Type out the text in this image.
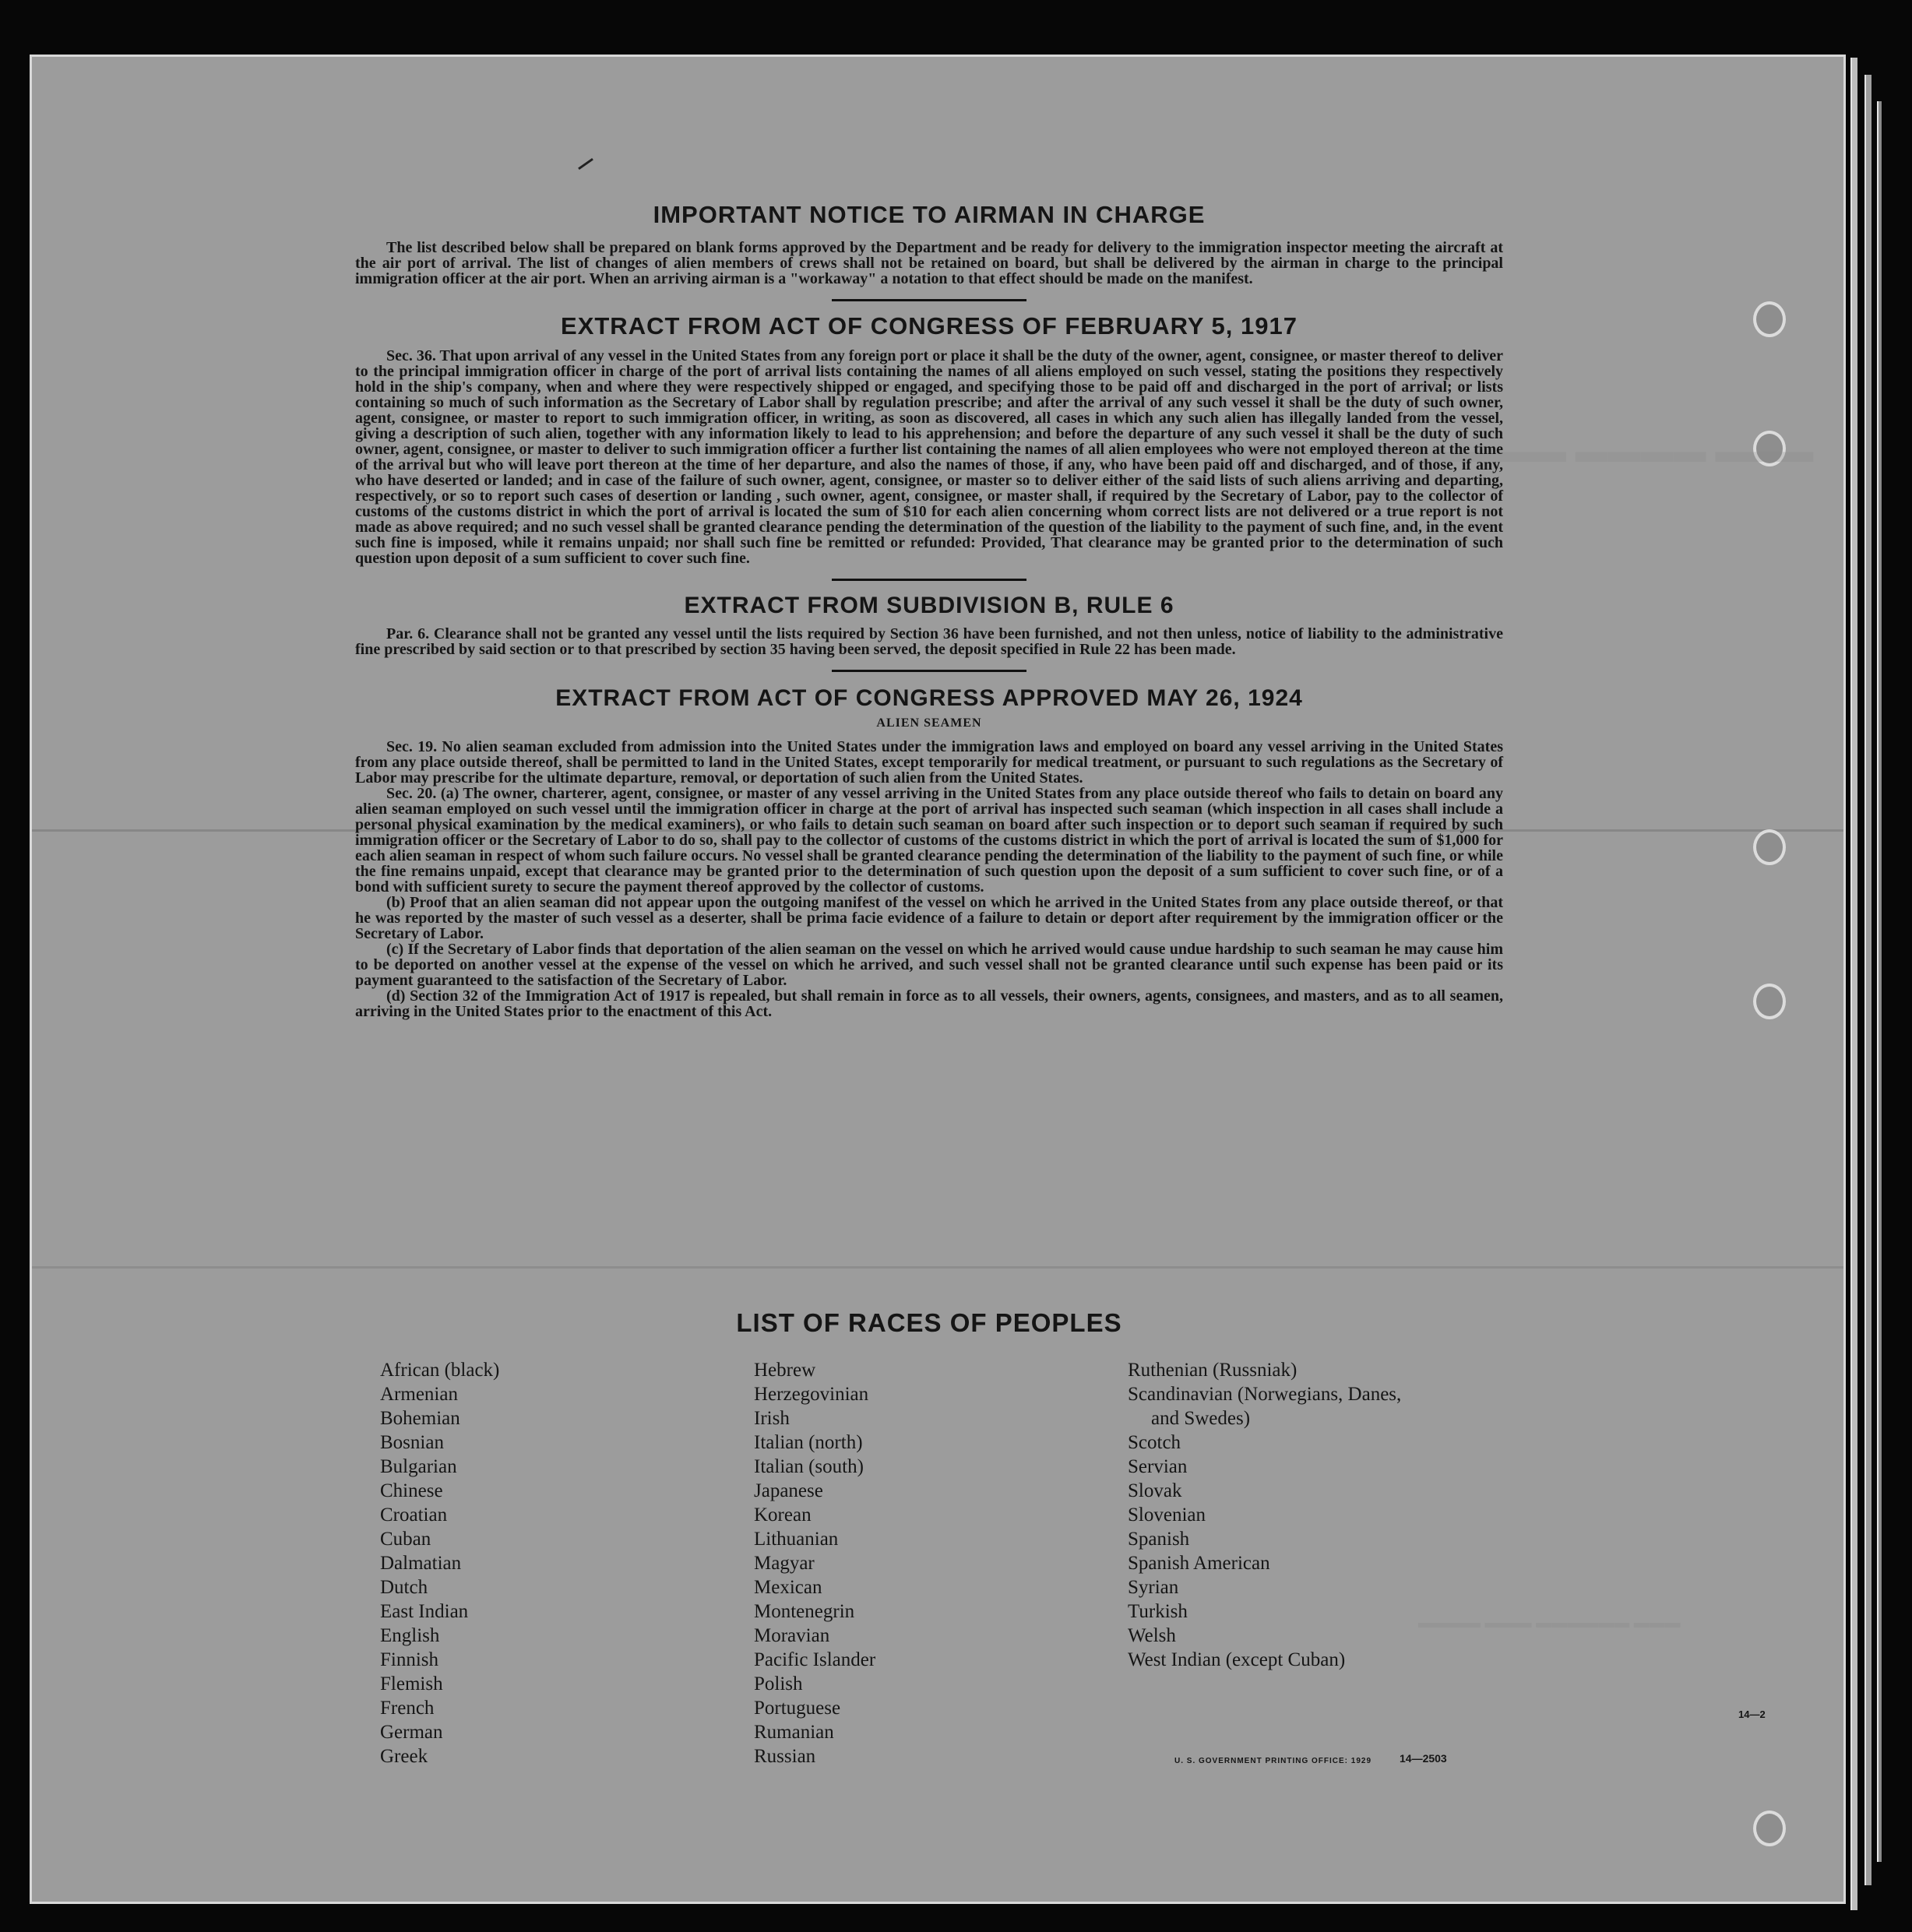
▬▬▬ ▬▬▬▬ ▬▬▬▬▬
▬▬▬ ▬▬▬▬▬▬ ▬▬▬ ▬▬▬▬
IMPORTANT NOTICE TO AIRMAN IN CHARGE

The list described below shall be prepared on blank forms approved by the Department and be ready for delivery to the immigration inspector meeting the aircraft at the air port of arrival. The list of changes of alien members of crews shall not be retained on board, but shall be delivered by the airman in charge to the principal immigration officer at the air port. When an arriving airman is a "workaway" a notation to that effect should be made on the manifest.

EXTRACT FROM ACT OF CONGRESS OF FEBRUARY 5, 1917

Sec. 36. That upon arrival of any vessel in the United States from any foreign port or place it shall be the duty of the owner, agent, consignee, or master thereof to deliver to the principal immigration officer in charge of the port of arrival lists containing the names of all aliens employed on such vessel, stating the positions they respectively hold in the ship's company, when and where they were respectively shipped or engaged, and specifying those to be paid off and discharged in the port of arrival; or lists containing so much of such information as the Secretary of Labor shall by regulation prescribe; and after the arrival of any such vessel it shall be the duty of such owner, agent, consignee, or master to report to such immigration officer, in writing, as soon as discovered, all cases in which any such alien has illegally landed from the vessel, giving a description of such alien, together with any information likely to lead to his apprehension; and before the departure of any such vessel it shall be the duty of such owner, agent, consignee, or master to deliver to such immigration officer a further list containing the names of all alien employees who were not employed thereon at the time of the arrival but who will leave port thereon at the time of her departure, and also the names of those, if any, who have been paid off and discharged, and of those, if any, who have deserted or landed; and in case of the failure of such owner, agent, consignee, or master so to deliver either of the said lists of such aliens arriving and departing, respectively, or so to report such cases of desertion or landing , such owner, agent, consignee, or master shall, if required by the Secretary of Labor, pay to the collector of customs of the customs district in which the port of arrival is located the sum of $10 for each alien concerning whom correct lists are not delivered or a true report is not made as above required; and no such vessel shall be granted clearance pending the determination of the question of the liability to the payment of such fine, and, in the event such fine is imposed, while it remains unpaid; nor shall such fine be remitted or refunded: Provided, That clearance may be granted prior to the determination of such question upon deposit of a sum sufficient to cover such fine.

EXTRACT FROM SUBDIVISION B, RULE 6

Par. 6. Clearance shall not be granted any vessel until the lists required by Section 36 have been furnished, and not then unless, notice of liability to the administrative fine prescribed by said section or to that prescribed by section 35 having been served, the deposit specified in Rule 22 has been made.

EXTRACT FROM ACT OF CONGRESS APPROVED MAY 26, 1924
ALIEN SEAMEN

Sec. 19. No alien seaman excluded from admission into the United States under the immigration laws and employed on board any vessel arriving in the United States from any place outside thereof, shall be permitted to land in the United States, except temporarily for medical treatment, or pursuant to such regulations as the Secretary of Labor may prescribe for the ultimate departure, removal, or deportation of such alien from the United States.

Sec. 20. (a) The owner, charterer, agent, consignee, or master of any vessel arriving in the United States from any place outside thereof who fails to detain on board any alien seaman employed on such vessel until the immigration officer in charge at the port of arrival has inspected such seaman (which inspection in all cases shall include a personal physical examination by the medical examiners), or who fails to detain such seaman on board after such inspection or to deport such seaman if required by such immigration officer or the Secretary of Labor to do so, shall pay to the collector of customs of the customs district in which the port of arrival is located the sum of $1,000 for each alien seaman in respect of whom such failure occurs. No vessel shall be granted clearance pending the determination of the liability to the payment of such fine, or while the fine remains unpaid, except that clearance may be granted prior to the determination of such question upon the deposit of a sum sufficient to cover such fine, or of a bond with sufficient surety to secure the payment thereof approved by the collector of customs.

(b) Proof that an alien seaman did not appear upon the outgoing manifest of the vessel on which he arrived in the United States from any place outside thereof, or that he was reported by the master of such vessel as a deserter, shall be prima facie evidence of a failure to detain or deport after requirement by the immigration officer or the Secretary of Labor.

(c) If the Secretary of Labor finds that deportation of the alien seaman on the vessel on which he arrived would cause undue hardship to such seaman he may cause him to be deported on another vessel at the expense of the vessel on which he arrived, and such vessel shall not be granted clearance until such expense has been paid or its payment guaranteed to the satisfaction of the Secretary of Labor.

(d) Section 32 of the Immigration Act of 1917 is repealed, but shall remain in force as to all vessels, their owners, agents, consignees, and masters, and as to all seamen, arriving in the United States prior to the enactment of this Act.

LIST OF RACES OF PEOPLES
African (black)
Armenian
Bohemian
Bosnian
Bulgarian
Chinese
Croatian
Cuban
Dalmatian
Dutch
East Indian
English
Finnish
Flemish
French
German
Greek
Hebrew
Herzegovinian
Irish
Italian (north)
Italian (south)
Japanese
Korean
Lithuanian
Magyar
Mexican
Montenegrin
Moravian
Pacific Islander
Polish
Portuguese
Rumanian
Russian
Ruthenian (Russniak)
Scandinavian (Norwegians, Danes,
and Swedes)
Scotch
Servian
Slovak
Slovenian
Spanish
Spanish American
Syrian
Turkish
Welsh
West Indian (except Cuban)
U. S. GOVERNMENT PRINTING OFFICE: 1929	14—2503
14—2
